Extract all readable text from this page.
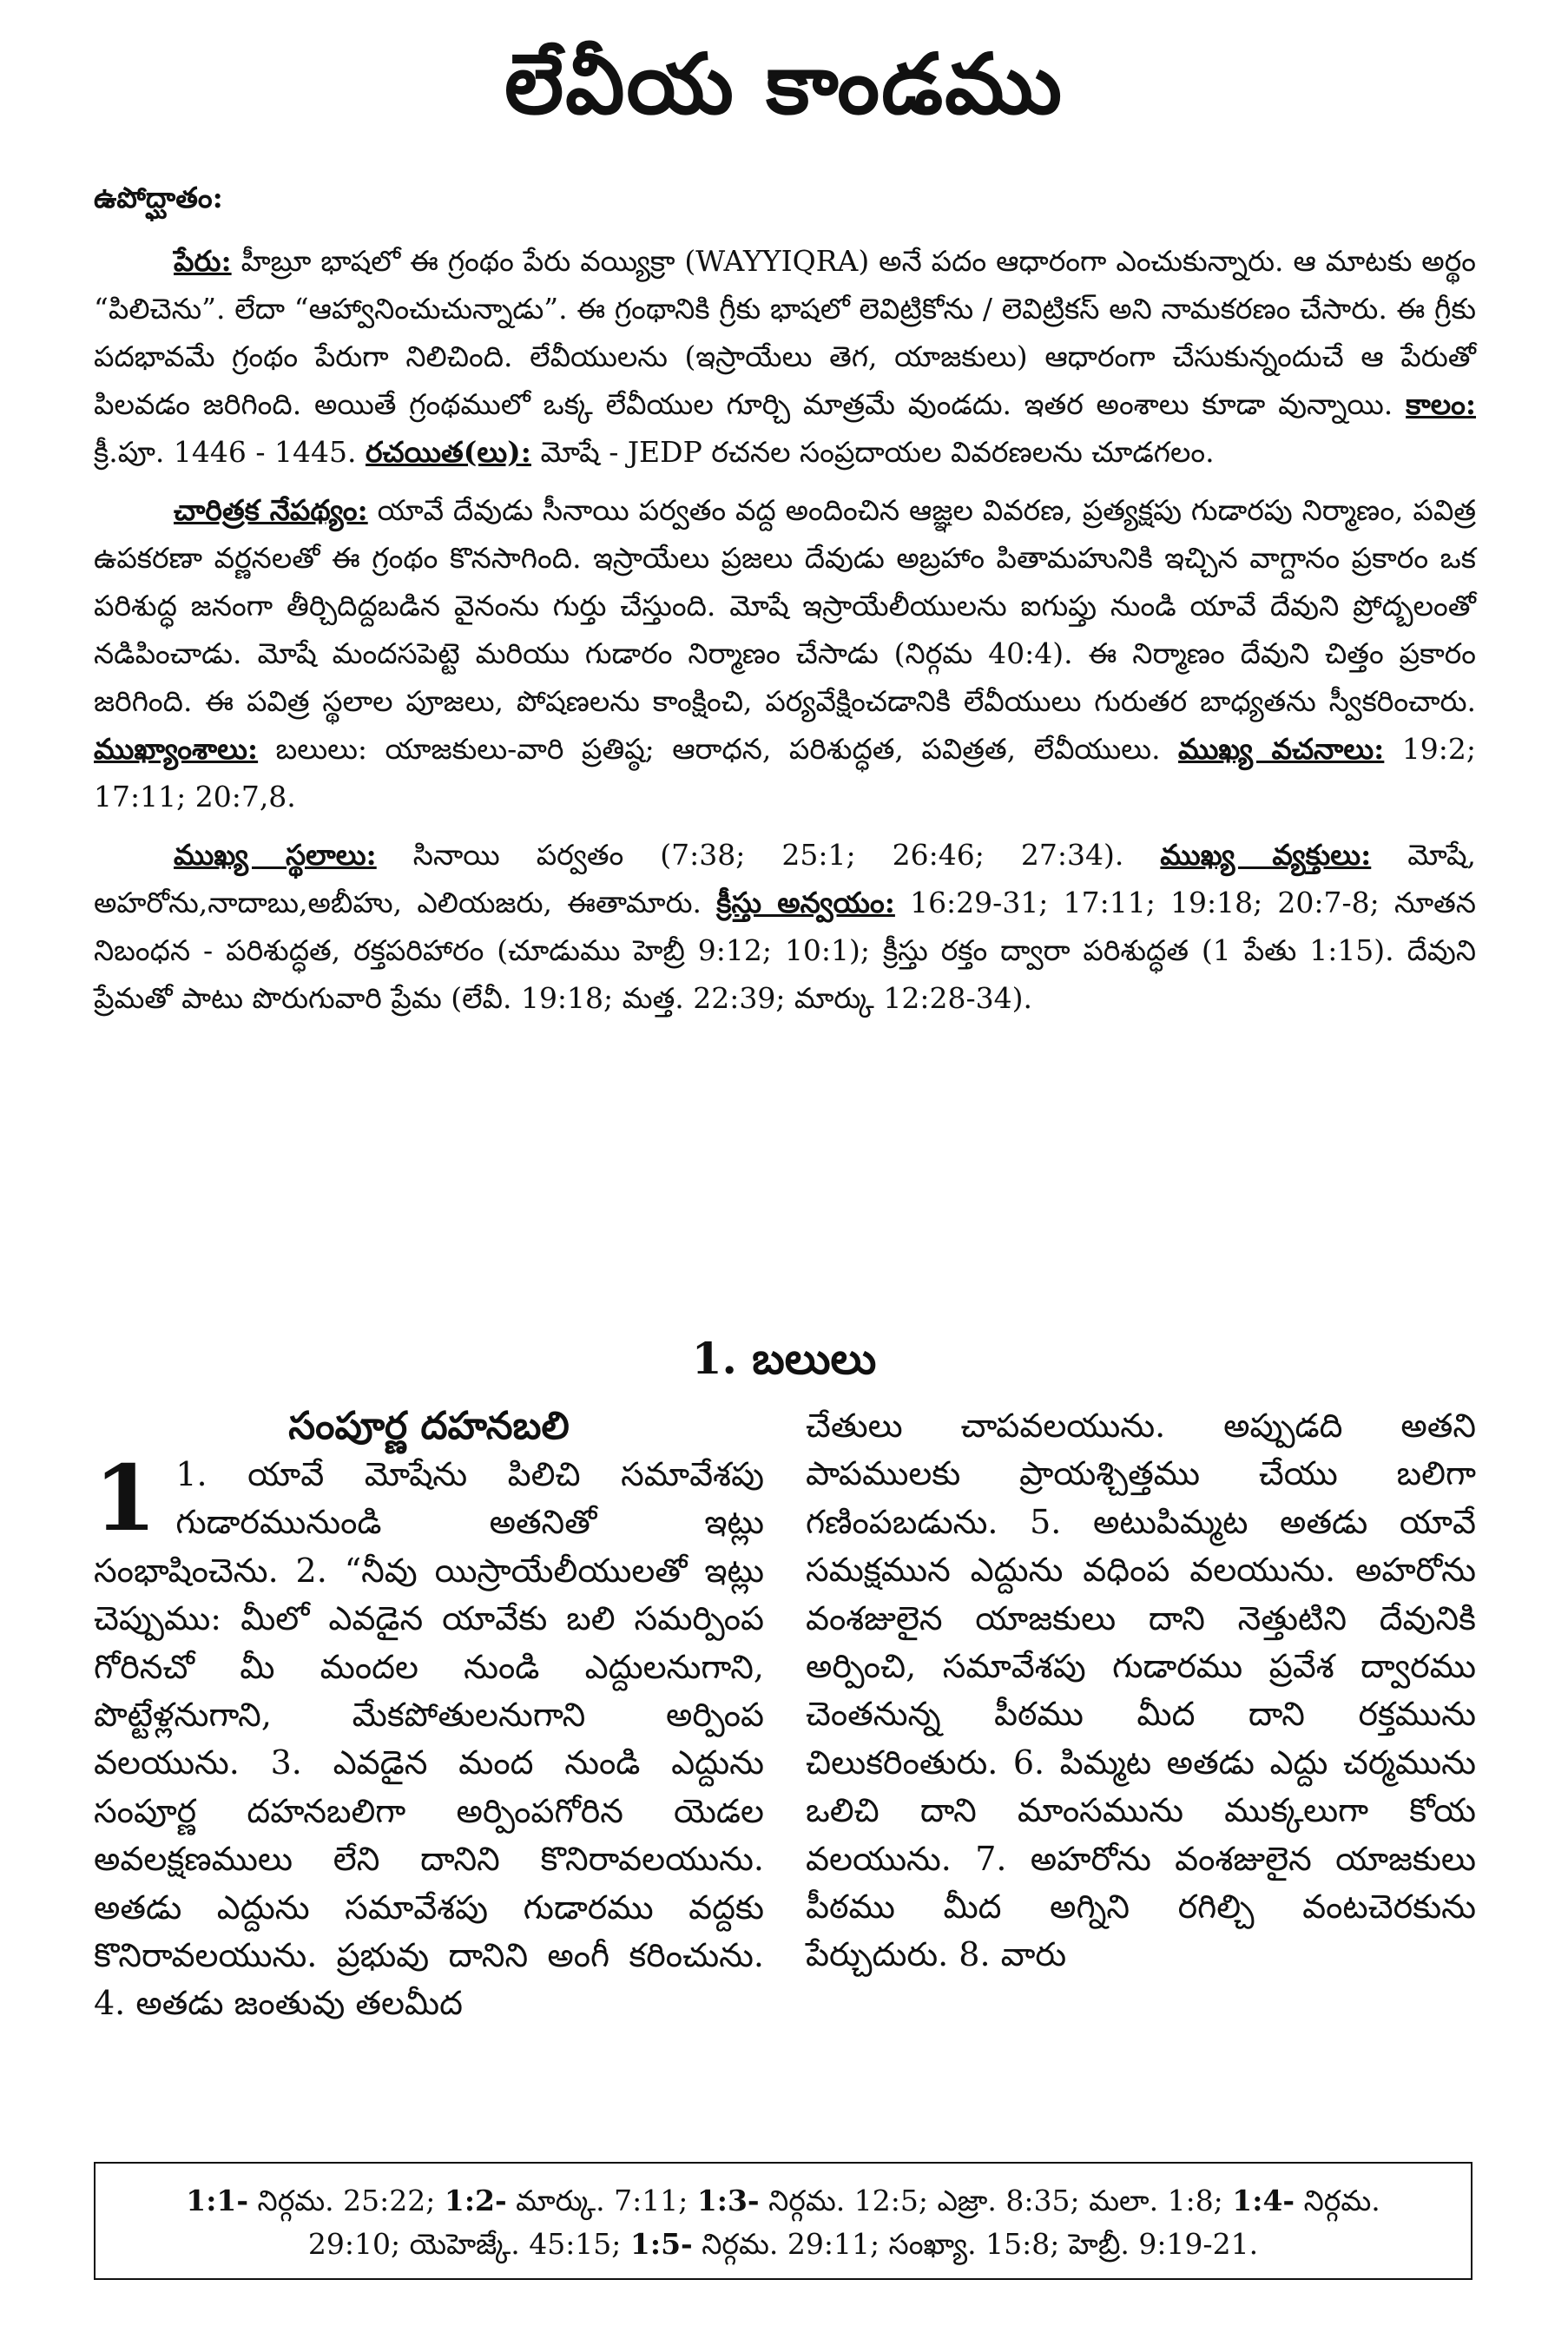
లేవీయ కాండము
ఉపోద్ఘాతం:

పేరు: హీబ్రూ భాషలో ఈ గ్రంథం పేరు వయ్యిక్రా (WAYYIQRA) అనే పదం ఆధారంగా ఎంచుకున్నారు. ఆ మాటకు అర్థం “పిలిచెను”. లేదా “ఆహ్వానించుచున్నాడు”. ఈ గ్రంథానికి గ్రీకు భాషలో లెవిట్రికోను / లెవిట్రికస్ అని నామకరణం చేసారు. ఈ గ్రీకు పదభావమే గ్రంథం పేరుగా నిలిచింది. లేవీయులను (ఇస్రాయేలు తెగ, యాజకులు) ఆధారంగా చేసుకున్నందుచే ఆ పేరుతో పిలవడం జరిగింది. అయితే గ్రంథములో ఒక్క లేవీయుల గూర్చి మాత్రమే వుండదు. ఇతర అంశాలు కూడా వున్నాయి. కాలం: క్రీ.పూ. 1446 - 1445. రచయిత(లు): మోషే - JEDP రచనల సంప్రదాయల వివరణలను చూడగలం.

చారిత్రక నేపథ్యం: యావే దేవుడు సీనాయి పర్వతం వద్ద అందించిన ఆజ్ఞల వివరణ, ప్రత్యక్షపు గుడారపు నిర్మాణం, పవిత్ర ఉపకరణా వర్ణనలతో ఈ గ్రంథం కొనసాగింది. ఇస్రాయేలు ప్రజలు దేవుడు అబ్రహాం పితామహునికి ఇచ్చిన వాగ్దానం ప్రకారం ఒక పరిశుద్ధ జనంగా తీర్చిదిద్దబడిన వైనంను గుర్తు చేస్తుంది. మోషే ఇస్రాయేలీయులను ఐగుప్తు నుండి యావే దేవుని ప్రోద్బలంతో నడిపించాడు. మోషే మందసపెట్టె మరియు గుడారం నిర్మాణం చేసాడు (నిర్గమ 40:4). ఈ నిర్మాణం దేవుని చిత్తం ప్రకారం జరిగింది. ఈ పవిత్ర స్థలాల పూజలు, పోషణలను కాంక్షించి, పర్యవేక్షించడానికి లేవీయులు గురుతర బాధ్యతను స్వీకరించారు. ముఖ్యాంశాలు: బలులు: యాజకులు-వారి ప్రతిష్ఠ; ఆరాధన, పరిశుద్ధత, పవిత్రత, లేవీయులు. ముఖ్య వచనాలు: 19:2; 17:11; 20:7,8.

ముఖ్య స్థలాలు: సినాయి పర్వతం (7:38; 25:1; 26:46; 27:34). ముఖ్య వ్యక్తులు: మోషే, అహరోను,నాదాబు,అబీహు, ఎలియజరు, ఈతామారు. క్రీస్తు అన్వయం: 16:29-31; 17:11; 19:18; 20:7-8; నూతన నిబంధన - పరిశుద్ధత, రక్తపరిహారం (చూడుము హెబ్రీ 9:12; 10:1); క్రీస్తు రక్తం ద్వారా పరిశుద్ధత (1 పేతు 1:15). దేవుని ప్రేమతో పాటు పొరుగువారి ప్రేమ (లేవీ. 19:18; మత్త. 22:39; మార్కు 12:28-34).

1. బలులు
సంపూర్ణ దహనబలి
1 1. యావే మోషేను పిలిచి సమావేశపు గుడారమునుండి అతనితో ఇట్లు సంభాషించెను. 2. “నీవు యిస్రాయేలీయులతో ఇట్లు చెప్పుము: మీలో ఎవడైన యావేకు బలి సమర్పింప గోరినచో మీ మందల నుండి ఎద్దులనుగాని, పొట్టేళ్లనుగాని, మేకపోతులనుగాని అర్పింప వలయును. 3. ఎవడైన మంద నుండి ఎద్దును సంపూర్ణ దహనబలిగా అర్పింపగోరిన యెడల అవలక్షణములు లేని దానిని కొనిరావలయును. అతడు ఎద్దును సమావేశపు గుడారము వద్దకు కొనిరావలయును. ప్రభువు దానిని అంగీ కరించును. 4. అతడు జంతువు తలమీద
చేతులు చాపవలయును. అప్పుడది అతని పాపములకు ప్రాయశ్చిత్తము చేయు బలిగా గణింపబడును. 5. అటుపిమ్మట అతడు యావే సమక్షమున ఎద్దును వధింప వలయును. అహరోను వంశజులైన యాజకులు దాని నెత్తుటిని దేవునికి అర్పించి, సమావేశపు గుడారము ప్రవేశ ద్వారము చెంతనున్న పీఠము మీద దాని రక్తమును చిలుకరింతురు. 6. పిమ్మట అతడు ఎద్దు చర్మమును ఒలిచి దాని మాంసమును ముక్కలుగా కోయ వలయును. 7. అహరోను వంశజులైన యాజకులు పీఠము మీద అగ్నిని రగిల్చి వంటచెరకును పేర్చుదురు. 8. వారు
1:1- నిర్గమ. 25:22; 1:2- మార్కు. 7:11; 1:3- నిర్గమ. 12:5; ఎజ్రా. 8:35; మలా. 1:8; 1:4- నిర్గమ.
29:10; యెహెజ్కే. 45:15; 1:5- నిర్గమ. 29:11; సంఖ్యా. 15:8; హెబ్రీ. 9:19-21.
